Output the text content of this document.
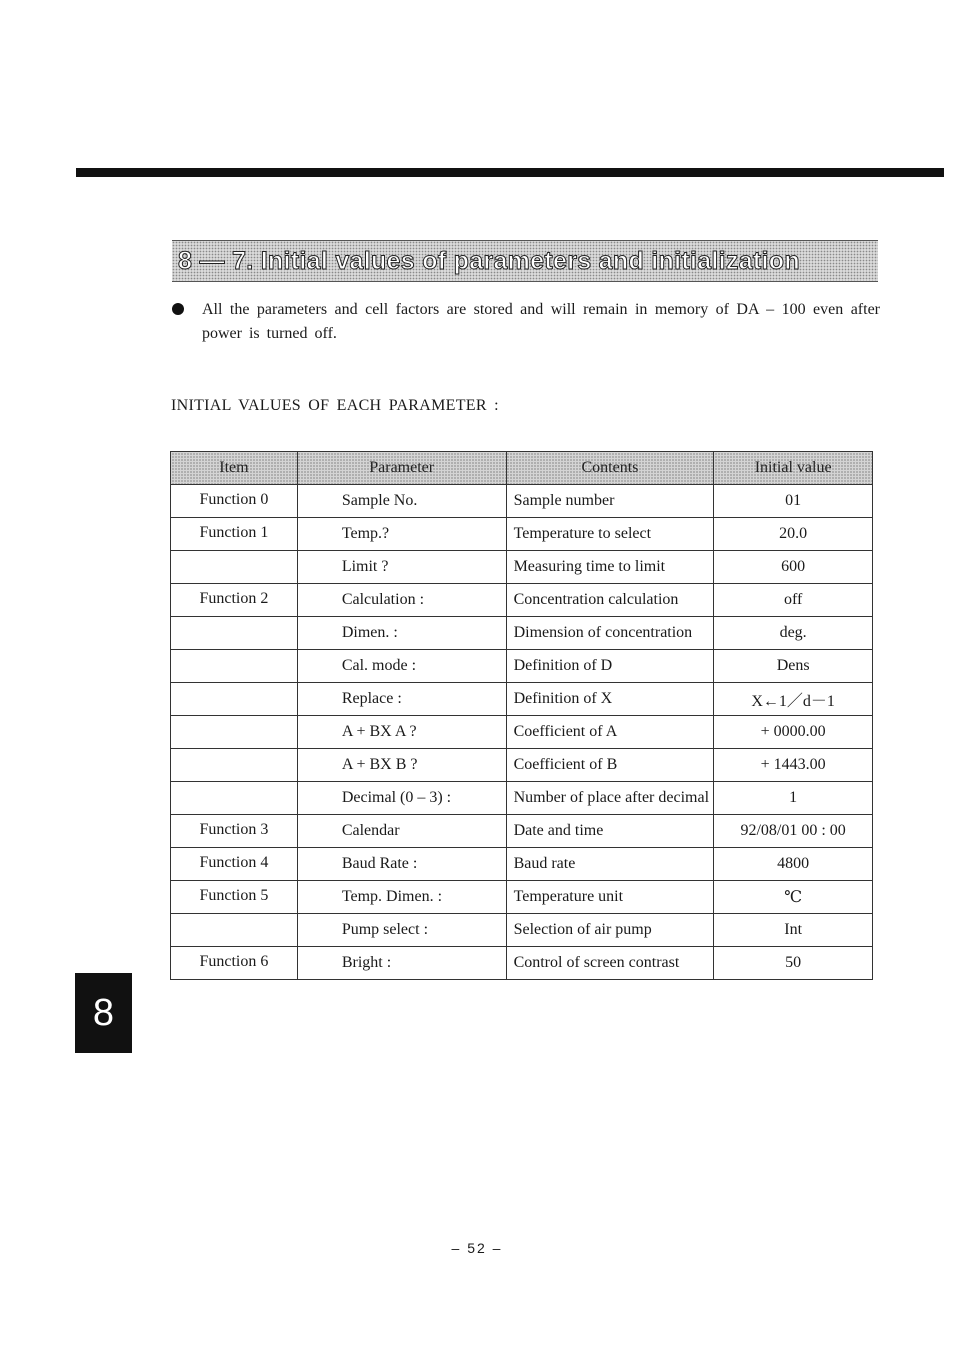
8 — 7. Initial values of parameters and initialization
All the parameters and cell factors are stored and will remain in memory of DA – 100 even after power is turned off.
INITIAL VALUES OF EACH PARAMETER :
Item	Parameter	Contents	Initial value
Function 0	Sample No.	Sample number	01
Function 1	Temp.?	Temperature to select	20.0
	Limit ?	Measuring time to limit	600
Function 2	Calculation :	Concentration calculation	off
	Dimen. :	Dimension of concentration	deg.
	Cal. mode :	Definition of D	Dens
	Replace :	Definition of X	X←1／d－1
	A + BX A ?	Coefficient of A	+ 0000.00
	A + BX B ?	Coefficient of B	+ 1443.00
	Decimal (0 – 3) :	Number of place after decimal	1
Function 3	Calendar	Date and time	92/08/01 00 : 00
Function 4	Baud Rate :	Baud rate	4800
Function 5	Temp. Dimen. :	Temperature unit	℃
	Pump select :	Selection of air pump	Int
Function 6	Bright :	Control of screen contrast	50
8
– 52 –
